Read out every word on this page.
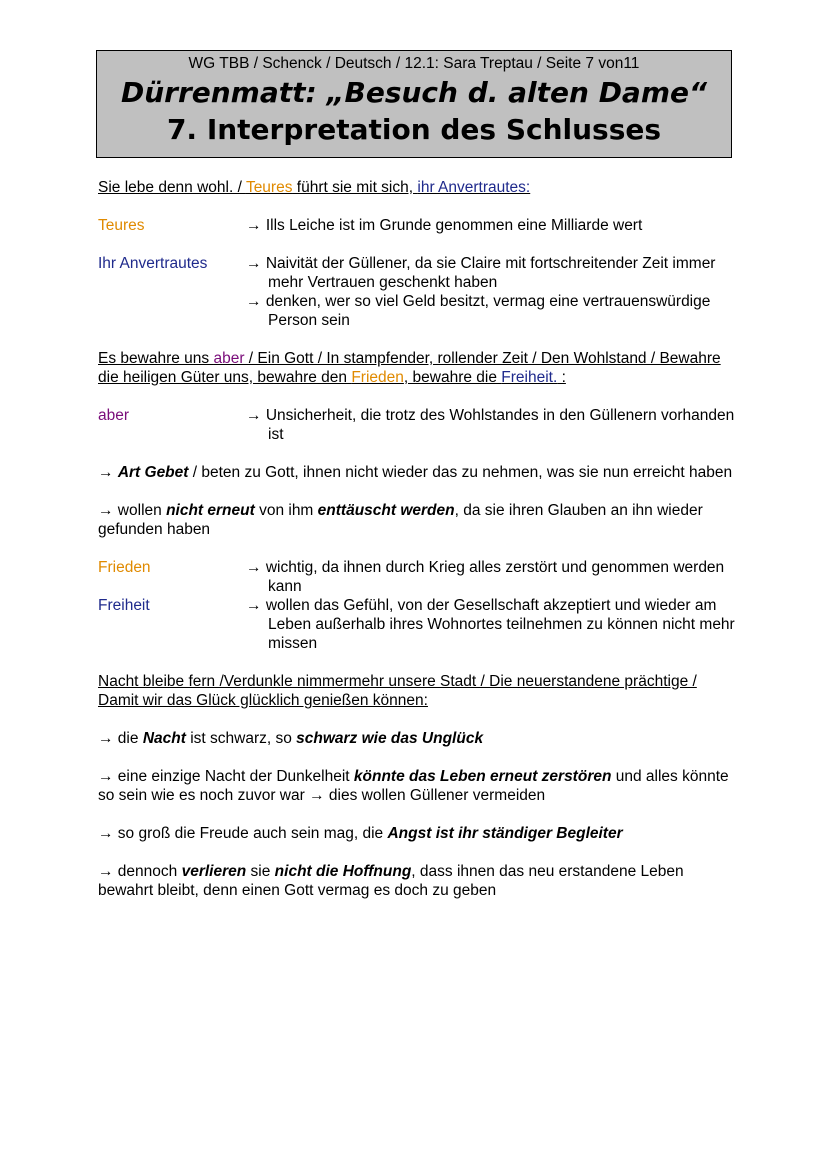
WG TBB / Schenck / Deutsch / 12.1: Sara Treptau / Seite 7 von11
Dürrenmatt: „Besuch d. alten Dame“
7. Interpretation des Schlusses
Sie lebe denn wohl. / Teures führt sie mit sich, ihr Anvertrautes:
Teures	→ Ills Leiche ist im Grunde genommen eine Milliarde wert
Ihr Anvertrautes	→ Naivität der Güllener, da sie Claire mit fortschreitender Zeit immer mehr Vertrauen geschenkt haben
→ denken, wer so viel Geld besitzt, vermag eine vertrauenswürdige Person sein
Es bewahre uns aber / Ein Gott / In stampfender, rollender Zeit / Den Wohlstand / Bewahre die heiligen Güter uns, bewahre den Frieden, bewahre die Freiheit. :
aber	→ Unsicherheit, die trotz des Wohlstandes in den Güllenern vorhanden ist
→ Art Gebet / beten zu Gott, ihnen nicht wieder das zu nehmen, was sie nun erreicht haben
→ wollen nicht erneut von ihm enttäuscht werden, da sie ihren Glauben an ihn wieder gefunden haben
Frieden	→ wichtig, da ihnen durch Krieg alles zerstört und genommen werden kann
Freiheit	→ wollen das Gefühl, von der Gesellschaft akzeptiert und wieder am Leben außerhalb ihres Wohnortes teilnehmen zu können nicht mehr missen
Nacht bleibe fern /Verdunkle nimmermehr unsere Stadt / Die neuerstandene prächtige / Damit wir das Glück glücklich genießen können:
→ die Nacht ist schwarz, so schwarz wie das Unglück
→ eine einzige Nacht der Dunkelheit könnte das Leben erneut zerstören und alles könnte so sein wie es noch zuvor war → dies wollen Güllener vermeiden
→ so groß die Freude auch sein mag, die Angst ist ihr ständiger Begleiter
→ dennoch verlieren sie nicht die Hoffnung, dass ihnen das neu erstandene Leben bewahrt bleibt, denn einen Gott vermag es doch zu geben
